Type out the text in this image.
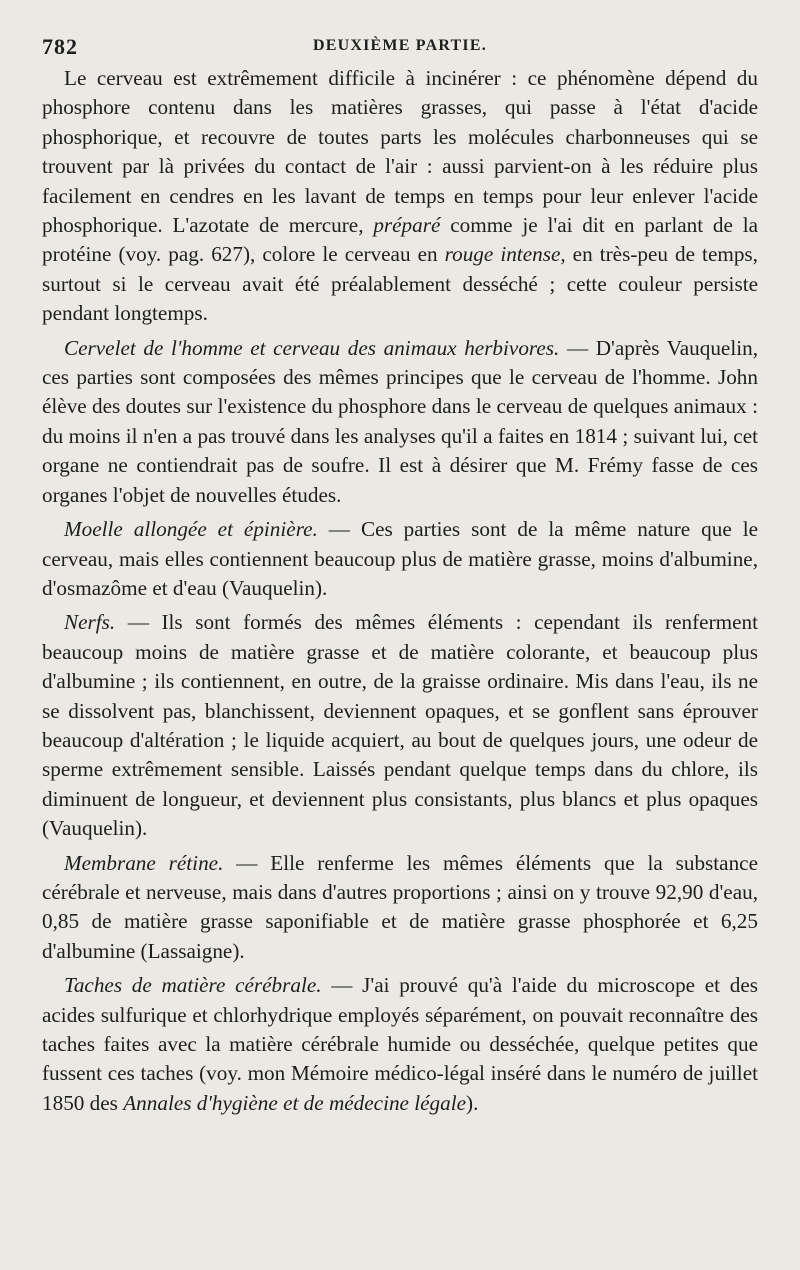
782	DEUXIÈME PARTIE.

Le cerveau est extrêmement difficile à incinérer : ce phénomène dépend du phosphore contenu dans les matières grasses, qui passe à l'état d'acide phosphorique, et recouvre de toutes parts les molécules charbonneuses qui se trouvent par là privées du contact de l'air : aussi parvient-on à les réduire plus facilement en cendres en les lavant de temps en temps pour leur enlever l'acide phosphorique. L'azotate de mercure, préparé comme je l'ai dit en parlant de la protéine (voy. pag. 627), colore le cerveau en rouge intense, en très-peu de temps, surtout si le cerveau avait été préalablement desséché ; cette couleur persiste pendant longtemps.

Cervelet de l'homme et cerveau des animaux herbivores. — D'après Vauquelin, ces parties sont composées des mêmes principes que le cerveau de l'homme. John élève des doutes sur l'existence du phosphore dans le cerveau de quelques animaux : du moins il n'en a pas trouvé dans les analyses qu'il a faites en 1814 ; suivant lui, cet organe ne contiendrait pas de soufre. Il est à désirer que M. Frémy fasse de ces organes l'objet de nouvelles études.

Moelle allongée et épinière. — Ces parties sont de la même nature que le cerveau, mais elles contiennent beaucoup plus de matière grasse, moins d'albumine, d'osmazôme et d'eau (Vauquelin).

Nerfs. — Ils sont formés des mêmes éléments : cependant ils renferment beaucoup moins de matière grasse et de matière colorante, et beaucoup plus d'albumine ; ils contiennent, en outre, de la graisse ordinaire. Mis dans l'eau, ils ne se dissolvent pas, blanchissent, deviennent opaques, et se gonflent sans éprouver beaucoup d'altération ; le liquide acquiert, au bout de quelques jours, une odeur de sperme extrêmement sensible. Laissés pendant quelque temps dans du chlore, ils diminuent de longueur, et deviennent plus consistants, plus blancs et plus opaques (Vauquelin).

Membrane rétine. — Elle renferme les mêmes éléments que la substance cérébrale et nerveuse, mais dans d'autres proportions ; ainsi on y trouve 92,90 d'eau, 0,85 de matière grasse saponifiable et de matière grasse phosphorée et 6,25 d'albumine (Lassaigne).

Taches de matière cérébrale. — J'ai prouvé qu'à l'aide du microscope et des acides sulfurique et chlorhydrique employés séparément, on pouvait reconnaître des taches faites avec la matière cérébrale humide ou desséchée, quelque petites que fussent ces taches (voy. mon Mémoire médico-légal inséré dans le numéro de juillet 1850 des Annales d'hygiène et de médecine légale).
